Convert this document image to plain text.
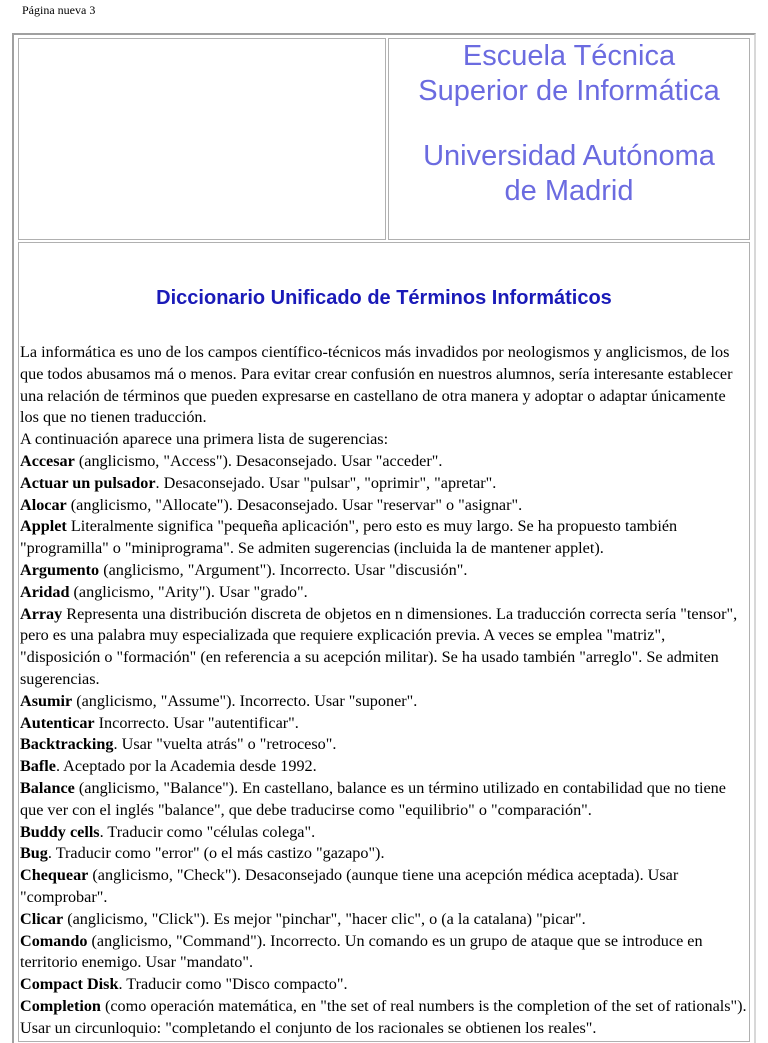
Página nueva 3
Escuela Técnica
Superior de Informática
Universidad Autónoma
de Madrid
Diccionario Unificado de Términos Informáticos

La informática es uno de los campos científico-técnicos más invadidos por neologismos y anglicismos, de los que todos abusamos má o menos. Para evitar crear confusión en nuestros alumnos, sería interesante establecer una relación de términos que pueden expresarse en castellano de otra manera y adoptar o adaptar únicamente los que no tienen traducción.

A continuación aparece una primera lista de sugerencias:

Accesar (anglicismo, "Access"). Desaconsejado. Usar "acceder".

Actuar un pulsador. Desaconsejado. Usar "pulsar", "oprimir", "apretar".

Alocar (anglicismo, "Allocate"). Desaconsejado. Usar "reservar" o "asignar".

Applet Literalmente significa "pequeña aplicación", pero esto es muy largo. Se ha propuesto también "programilla" o "miniprograma". Se admiten sugerencias (incluida la de mantener applet).

Argumento (anglicismo, "Argument"). Incorrecto. Usar "discusión".

Aridad (anglicismo, "Arity"). Usar "grado".

Array Representa una distribución discreta de objetos en n dimensiones. La traducción correcta sería "tensor", pero es una palabra muy especializada que requiere explicación previa. A veces se emplea "matriz", "disposición o "formación" (en referencia a su acepción militar). Se ha usado también "arreglo". Se admiten sugerencias.

Asumir (anglicismo, "Assume"). Incorrecto. Usar "suponer".

Autenticar Incorrecto. Usar "autentificar".

Backtracking. Usar "vuelta atrás" o "retroceso".

Bafle. Aceptado por la Academia desde 1992.

Balance (anglicismo, "Balance"). En castellano, balance es un término utilizado en contabilidad que no tiene que ver con el inglés "balance", que debe traducirse como "equilibrio" o "comparación".

Buddy cells. Traducir como "células colega".

Bug. Traducir como "error" (o el más castizo "gazapo").

Chequear (anglicismo, "Check"). Desaconsejado (aunque tiene una acepción médica aceptada). Usar "comprobar".

Clicar (anglicismo, "Click"). Es mejor "pinchar", "hacer clic", o (a la catalana) "picar".

Comando (anglicismo, "Command"). Incorrecto. Un comando es un grupo de ataque que se introduce en territorio enemigo. Usar "mandato".

Compact Disk. Traducir como "Disco compacto".

Completion (como operación matemática, en "the set of real numbers is the completion of the set of rationals"). Usar un circunloquio: "completando el conjunto de los racionales se obtienen los reales".
